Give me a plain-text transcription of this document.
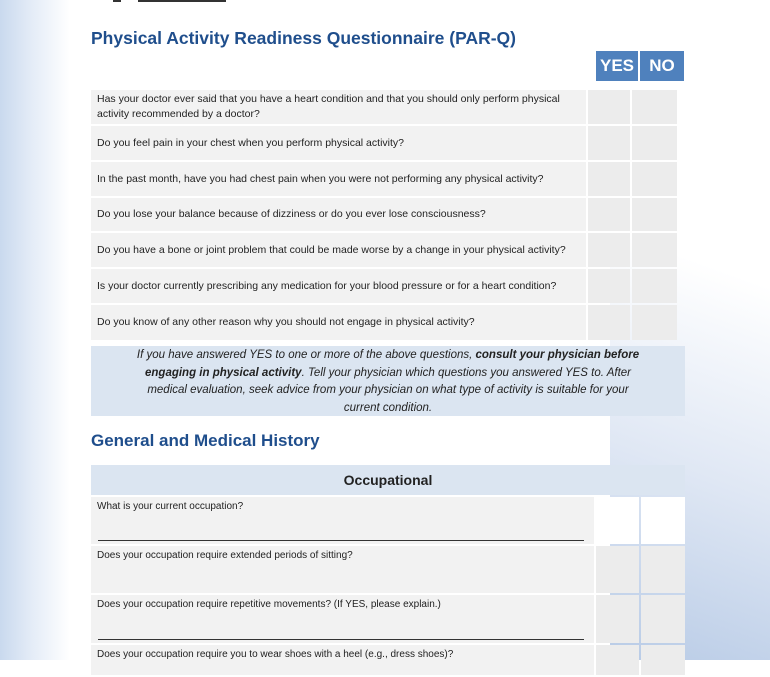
Physical Activity Readiness Questionnaire (PAR-Q)
YES NO
Has your doctor ever said that you have a heart condition and that you should only perform physical activity recommended by a doctor?
Do you feel pain in your chest when you perform physical activity?
In the past month, have you had chest pain when you were not performing any physical activity?
Do you lose your balance because of dizziness or do you ever lose consciousness?
Do you have a bone or joint problem that could be made worse by a change in your physical activity?
Is your doctor currently prescribing any medication for your blood pressure or for a heart condition?
Do you know of any other reason why you should not engage in physical activity?
If you have answered YES to one or more of the above questions, consult your physician before engaging in physical activity. Tell your physician which questions you answered YES to. After medical evaluation, seek advice from your physician on what type of activity is suitable for your current condition.
General and Medical History
Occupational
What is your current occupation?
Does your occupation require extended periods of sitting?
Does your occupation require repetitive movements? (If YES, please explain.)
Does your occupation require you to wear shoes with a heel (e.g., dress shoes)?
